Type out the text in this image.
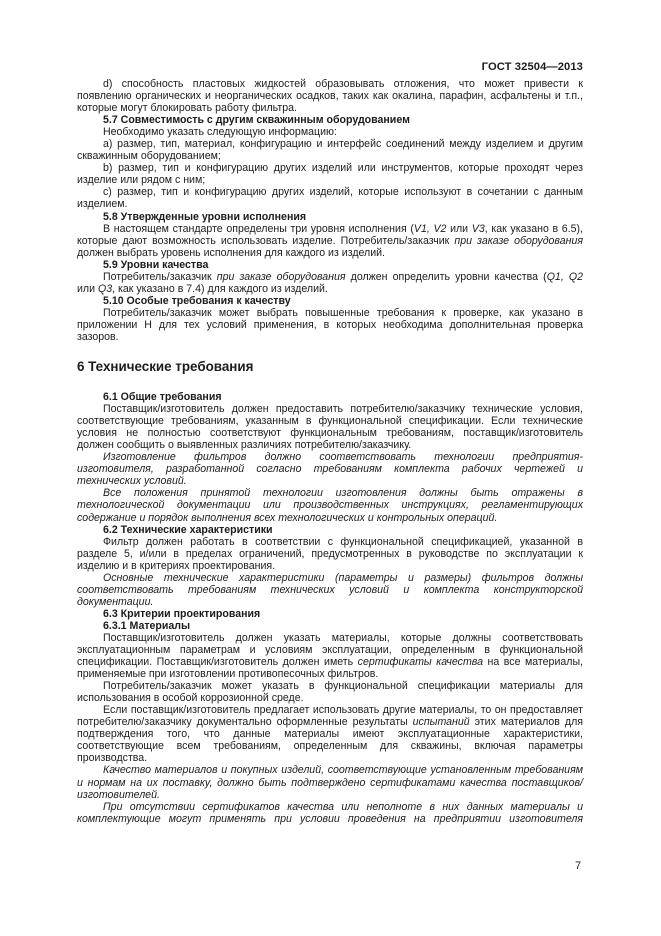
ГОСТ 32504—2013

d) способность пластовых жидкостей образовывать отложения, что может привести к появлению органических и неорганических осадков, таких как окалина, парафин, асфальтены и т.п., которые могут блокировать работу фильтра.

5.7 Совместимость с другим скважинным оборудованием

Необходимо указать следующую информацию:

а) размер, тип, материал, конфигурацию и интерфейс соединений между изделием и другим скважинным оборудованием;

b) размер, тип и конфигурацию других изделий или инструментов, которые проходят через изделие или рядом с ним;

c) размер, тип и конфигурацию других изделий, которые используют в сочетании с данным изделием.

5.8 Утвержденные уровни исполнения

В настоящем стандарте определены три уровня исполнения (V1, V2 или V3, как указано в 6.5), которые дают возможность использовать изделие. Потребитель/заказчик при заказе оборудования должен выбрать уровень исполнения для каждого из изделий.

5.9 Уровни качества

Потребитель/заказчик при заказе оборудования должен определить уровни качества (Q1, Q2 или Q3, как указано в 7.4) для каждого из изделий.

5.10 Особые требования к качеству

Потребитель/заказчик может выбрать повышенные требования к проверке, как указано в приложении Н для тех условий применения, в которых необходима дополнительная проверка зазоров.

6 Технические требования

6.1 Общие требования

Поставщик/изготовитель должен предоставить потребителю/заказчику технические условия, соответствующие требованиям, указанным в функциональной спецификации. Если технические условия не полностью соответствуют функциональным требованиям, поставщик/изготовитель должен сообщить о выявленных различиях потребителю/заказчику.

Изготовление фильтров должно соответствовать технологии предприятия-изготовителя, разработанной согласно требованиям комплекта рабочих чертежей и технических условий.

Все положения принятой технологии изготовления должны быть отражены в технологической документации или производственных инструкциях, регламентирующих содержание и порядок выполнения всех технологических и контрольных операций.

6.2 Технические характеристики

Фильтр должен работать в соответствии с функциональной спецификацией, указанной в разделе 5, и/или в пределах ограничений, предусмотренных в руководстве по эксплуатации к изделию и в критериях проектирования.

Основные технические характеристики (параметры и размеры) фильтров должны соответствовать требованиям технических условий и комплекта конструкторской документации.

6.3 Критерии проектирования

6.3.1 Материалы

Поставщик/изготовитель должен указать материалы, которые должны соответствовать эксплуатационным параметрам и условиям эксплуатации, определенным в функциональной спецификации. Поставщик/изготовитель должен иметь сертификаты качества на все материалы, применяемые при изготовлении противопесочных фильтров.

Потребитель/заказчик может указать в функциональной спецификации материалы для использования в особой коррозионной среде.

Если поставщик/изготовитель предлагает использовать другие материалы, то он предоставляет потребителю/заказчику документально оформленные результаты испытаний этих материалов для подтверждения того, что данные материалы имеют эксплуатационные характеристики, соответствующие всем требованиям, определенным для скважины, включая параметры производства.

Качество материалов и покупных изделий, соответствующие установленным требованиям и нормам на их поставку, должно быть подтверждено сертификатами качества поставщиков/изготовителей.

При отсутствии сертификатов качества или неполноте в них данных материалы и комплектующие могут применять при условии проведения на предприятии изготовителя

7
